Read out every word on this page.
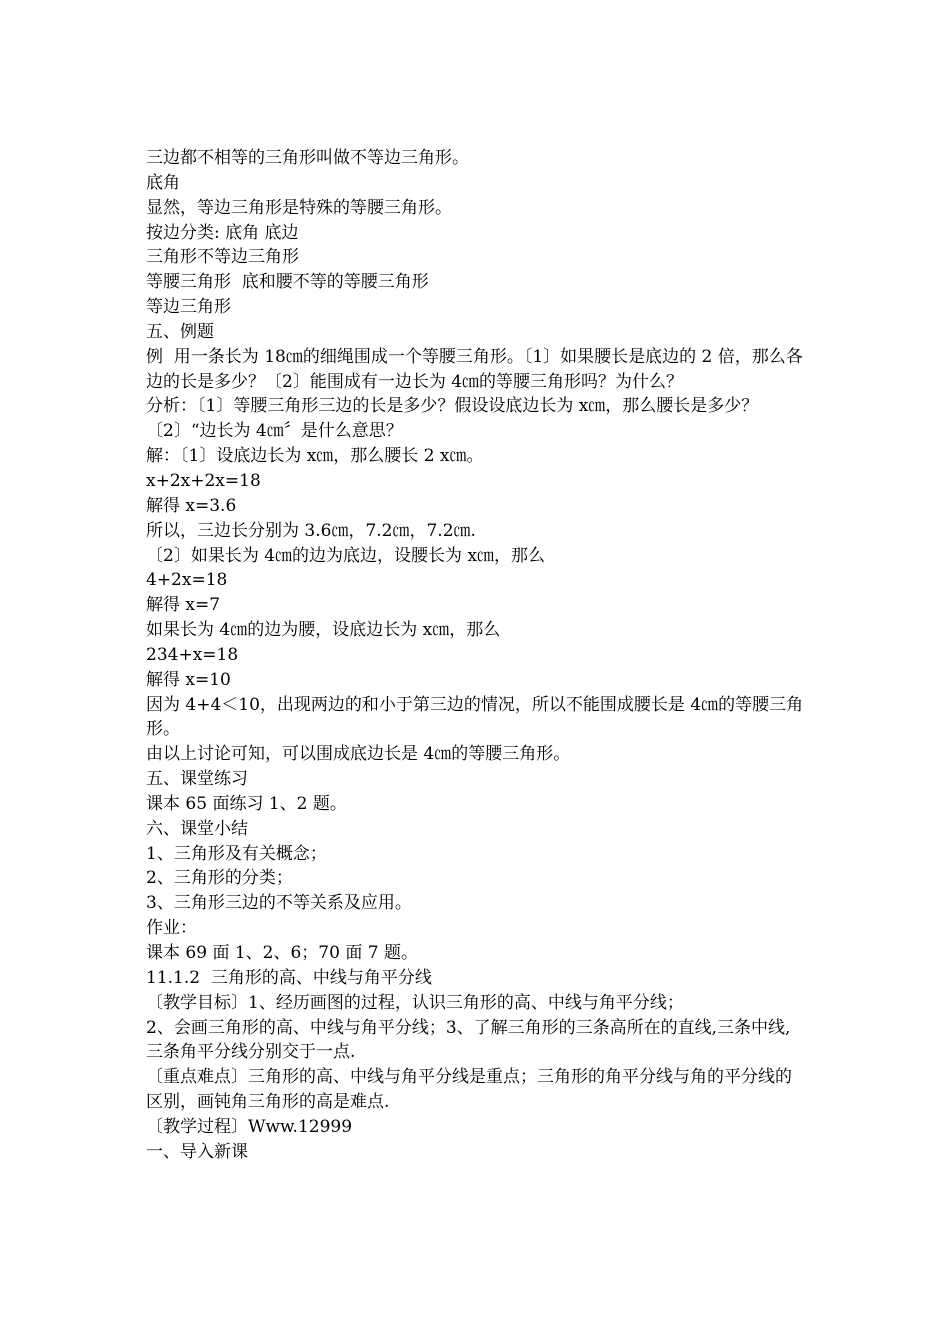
三边都不相等的三角形叫做不等边三角形。

底角

显然，等边三角形是特殊的等腰三角形。

按边分类: 底角 底边

三角形不等边三角形

等腰三角形  底和腰不等的等腰三角形

等边三角形

五、例题

例  用一条长为 18㎝的细绳围成一个等腰三角形。〔1〕如果腰长是底边的 2 倍，那么各边的长是多少？〔2〕能围成有一边长为 4㎝的等腰三角形吗？为什么？

分析：〔1〕等腰三角形三边的长是多少？假设设底边长为 x㎝，那么腰长是多少？

〔2〕“边长为 4㎝〞是什么意思？

解：〔1〕设底边长为 x㎝，那么腰长 2 x㎝。

x+2x+2x=18

解得 x=3.6

所以，三边长分别为 3.6㎝，7.2㎝，7.2㎝.

〔2〕如果长为 4㎝的边为底边，设腰长为 x㎝，那么

4+2x=18

解得 x=7

如果长为 4㎝的边为腰，设底边长为 x㎝，那么

234+x=18

解得 x=10

因为 4+4＜10，出现两边的和小于第三边的情况，所以不能围成腰长是 4㎝的等腰三角形。

由以上讨论可知，可以围成底边长是 4㎝的等腰三角形。

五、课堂练习

课本 65 面练习 1、2 题。

六、课堂小结

1、三角形及有关概念；

2、三角形的分类；

3、三角形三边的不等关系及应用。

作业：

课本 69 面 1、2、6；70 面 7 题。

11.1.2  三角形的高、中线与角平分线

〔教学目标〕1、经历画图的过程，认识三角形的高、中线与角平分线；

2、会画三角形的高、中线与角平分线；3、了解三角形的三条高所在的直线,三条中线,三条角平分线分别交于一点.

〔重点难点〕三角形的高、中线与角平分线是重点；三角形的角平分线与角的平分线的区别，画钝角三角形的高是难点.

〔教学过程〕Www.12999

一、导入新课
